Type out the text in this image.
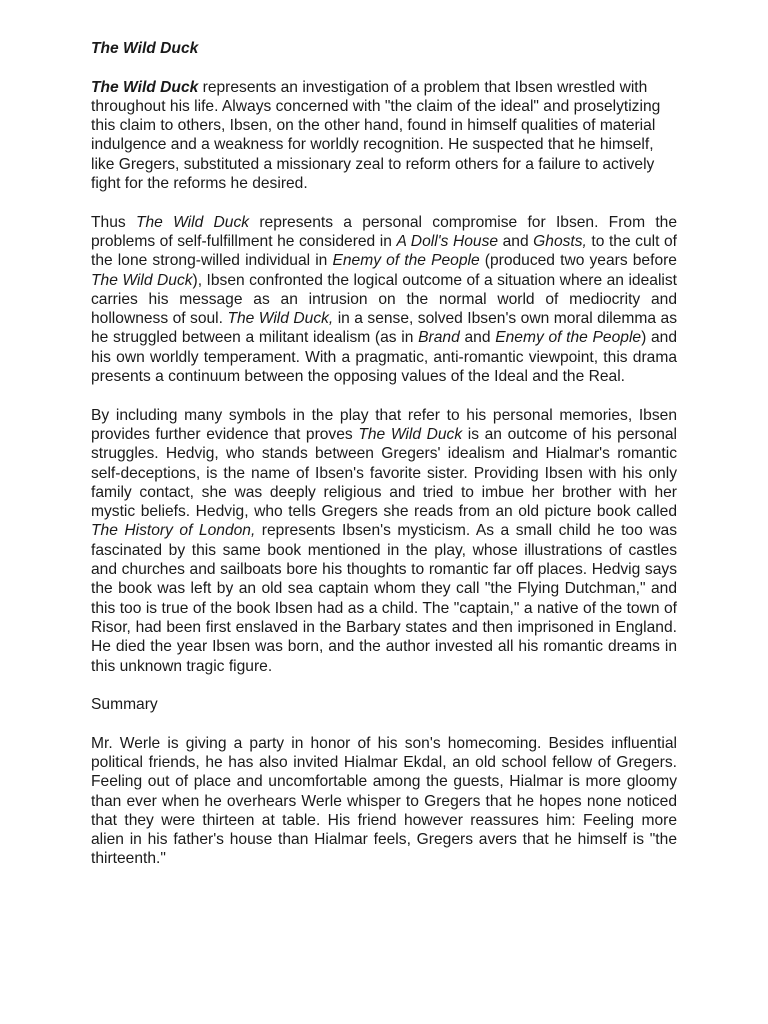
The Wild Duck

The Wild Duck represents an investigation of a problem that Ibsen wrestled with throughout his life. Always concerned with "the claim of the ideal" and proselytizing this claim to others, Ibsen, on the other hand, found in himself qualities of material indulgence and a weakness for worldly recognition. He suspected that he himself, like Gregers, substituted a missionary zeal to reform others for a failure to actively fight for the reforms he desired.

Thus The Wild Duck represents a personal compromise for Ibsen. From the problems of self-fulfillment he considered in A Doll's House and Ghosts, to the cult of the lone strong-willed individual in Enemy of the People (produced two years before The Wild Duck), Ibsen confronted the logical outcome of a situation where an idealist carries his message as an intrusion on the normal world of mediocrity and hollowness of soul. The Wild Duck, in a sense, solved Ibsen's own moral dilemma as he struggled between a militant idealism (as in Brand and Enemy of the People) and his own worldly temperament. With a pragmatic, anti-romantic viewpoint, this drama presents a continuum between the opposing values of the Ideal and the Real.

By including many symbols in the play that refer to his personal memories, Ibsen provides further evidence that proves The Wild Duck is an outcome of his personal struggles. Hedvig, who stands between Gregers' idealism and Hialmar's romantic self-deceptions, is the name of Ibsen's favorite sister. Providing Ibsen with his only family contact, she was deeply religious and tried to imbue her brother with her mystic beliefs. Hedvig, who tells Gregers she reads from an old picture book called The History of London, represents Ibsen's mysticism. As a small child he too was fascinated by this same book mentioned in the play, whose illustrations of castles and churches and sailboats bore his thoughts to romantic far off places. Hedvig says the book was left by an old sea captain whom they call "the Flying Dutchman," and this too is true of the book Ibsen had as a child. The "captain," a native of the town of Risor, had been first enslaved in the Barbary states and then imprisoned in England. He died the year Ibsen was born, and the author invested all his romantic dreams in this unknown tragic figure.

Summary

Mr. Werle is giving a party in honor of his son's homecoming. Besides influential political friends, he has also invited Hialmar Ekdal, an old school fellow of Gregers. Feeling out of place and uncomfortable among the guests, Hialmar is more gloomy than ever when he overhears Werle whisper to Gregers that he hopes none noticed that they were thirteen at table. His friend however reassures him: Feeling more alien in his father's house than Hialmar feels, Gregers avers that he himself is "the thirteenth."
